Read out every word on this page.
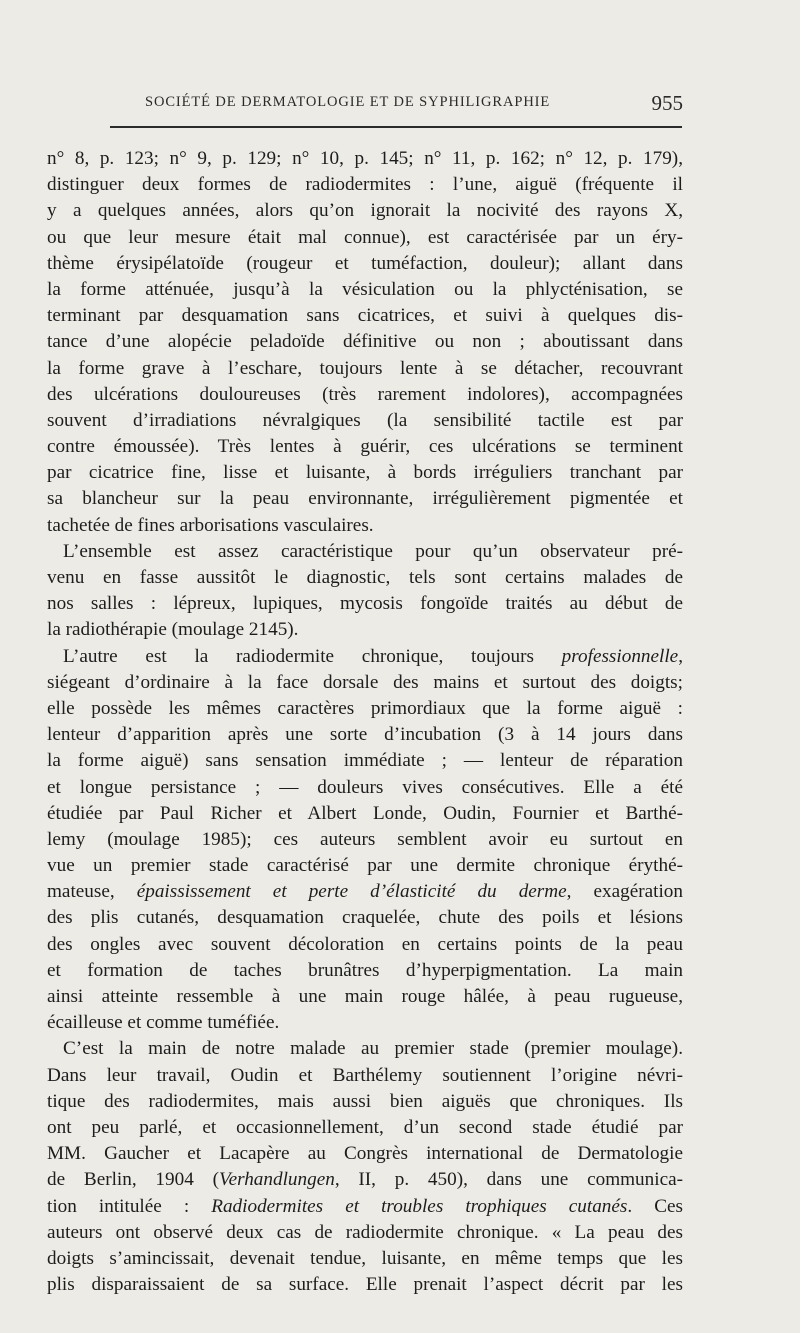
SOCIÉTÉ DE DERMATOLOGIE ET DE SYPHILIGRAPHIE	955
n° 8, p. 123; n° 9, p. 129; n° 10, p. 145; n° 11, p. 162; n° 12, p. 179),
distinguer deux formes de radiodermites : l’une, aiguë (fréquente il
y a quelques années, alors qu’on ignorait la nocivité des rayons X,
ou que leur mesure était mal connue), est caractérisée par un éry-
thème érysipélatoïde (rougeur et tuméfaction, douleur); allant dans
la forme atténuée, jusqu’à la vésiculation ou la phlycténisation, se
terminant par desquamation sans cicatrices, et suivi à quelques dis-
tance d’une alopécie peladoïde définitive ou non ; aboutissant dans
la forme grave à l’eschare, toujours lente à se détacher, recouvrant
des ulcérations douloureuses (très rarement indolores), accompagnées
souvent d’irradiations névralgiques (la sensibilité tactile est par
contre émoussée). Très lentes à guérir, ces ulcérations se terminent
par cicatrice fine, lisse et luisante, à bords irréguliers tranchant par
sa blancheur sur la peau environnante, irrégulièrement pigmentée et
tachetée de fines arborisations vasculaires.
L’ensemble est assez caractéristique pour qu’un observateur pré-
venu en fasse aussitôt le diagnostic, tels sont certains malades de
nos salles : lépreux, lupiques, mycosis fongoïde traités au début de
la radiothérapie (moulage 2145).
L’autre est la radiodermite chronique, toujours professionnelle,
siégeant d’ordinaire à la face dorsale des mains et surtout des doigts;
elle possède les mêmes caractères primordiaux que la forme aiguë :
lenteur d’apparition après une sorte d’incubation (3 à 14 jours dans
la forme aiguë) sans sensation immédiate ; — lenteur de réparation
et longue persistance ; — douleurs vives consécutives. Elle a été
étudiée par Paul Richer et Albert Londe, Oudin, Fournier et Barthé-
lemy (moulage 1985); ces auteurs semblent avoir eu surtout en
vue un premier stade caractérisé par une dermite chronique érythé-
mateuse, épaississement et perte d’élasticité du derme, exagération
des plis cutanés, desquamation craquelée, chute des poils et lésions
des ongles avec souvent décoloration en certains points de la peau
et formation de taches brunâtres d’hyperpigmentation. La main
ainsi atteinte ressemble à une main rouge hâlée, à peau rugueuse,
écailleuse et comme tuméfiée.
C’est la main de notre malade au premier stade (premier moulage).
Dans leur travail, Oudin et Barthélemy soutiennent l’origine névri-
tique des radiodermites, mais aussi bien aiguës que chroniques. Ils
ont peu parlé, et occasionnellement, d’un second stade étudié par
MM. Gaucher et Lacapère au Congrès international de Dermatologie
de Berlin, 1904 (Verhandlungen, II, p. 450), dans une communica-
tion intitulée : Radiodermites et troubles trophiques cutanés. Ces
auteurs ont observé deux cas de radiodermite chronique. « La peau des
doigts s’amincissait, devenait tendue, luisante, en même temps que les
plis disparaissaient de sa surface. Elle prenait l’aspect décrit par les
